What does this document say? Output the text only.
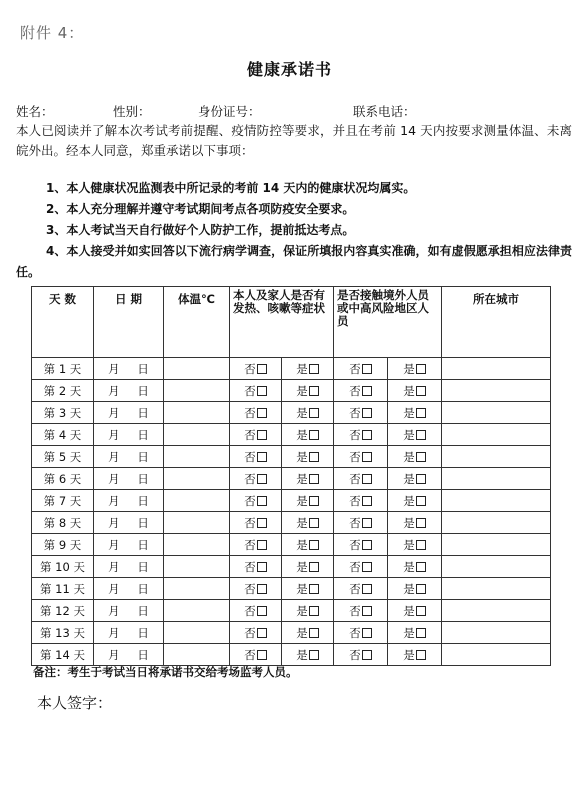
附件 4：
健康承诺书
姓名：	性别：	身份证号：	联系电话：
本人已阅读并了解本次考试考前提醒、疫情防控等要求，并且在考前 14 天内按要求测量体温、未离皖外出。经本人同意，郑重承诺以下事项：

1、本人健康状况监测表中所记录的考前 14 天内的健康状况均属实。

2、本人充分理解并遵守考试期间考点各项防疫安全要求。

3、本人考试当天自行做好个人防护工作，提前抵达考点。

4、本人接受并如实回答以下流行病学调查，保证所填报内容真实准确，如有虚假愿承担相应法律责任。

天 数	日 期	体温℃	本人及家人是否有发热、咳嗽等症状		是否接触境外人员或中高风险地区人员		所在城市
第 1 天	月 日		否	是	否	是	
第 2 天	月 日		否	是	否	是	
第 3 天	月 日		否	是	否	是	
第 4 天	月 日		否	是	否	是	
第 5 天	月 日		否	是	否	是	
第 6 天	月 日		否	是	否	是	
第 7 天	月 日		否	是	否	是	
第 8 天	月 日		否	是	否	是	
第 9 天	月 日		否	是	否	是	
第 10 天	月 日		否	是	否	是	
第 11 天	月 日		否	是	否	是	
第 12 天	月 日		否	是	否	是	
第 13 天	月 日		否	是	否	是	
第 14 天	月 日		否	是	否	是	
备注：考生于考试当日将承诺书交给考场监考人员。
本人签字：
